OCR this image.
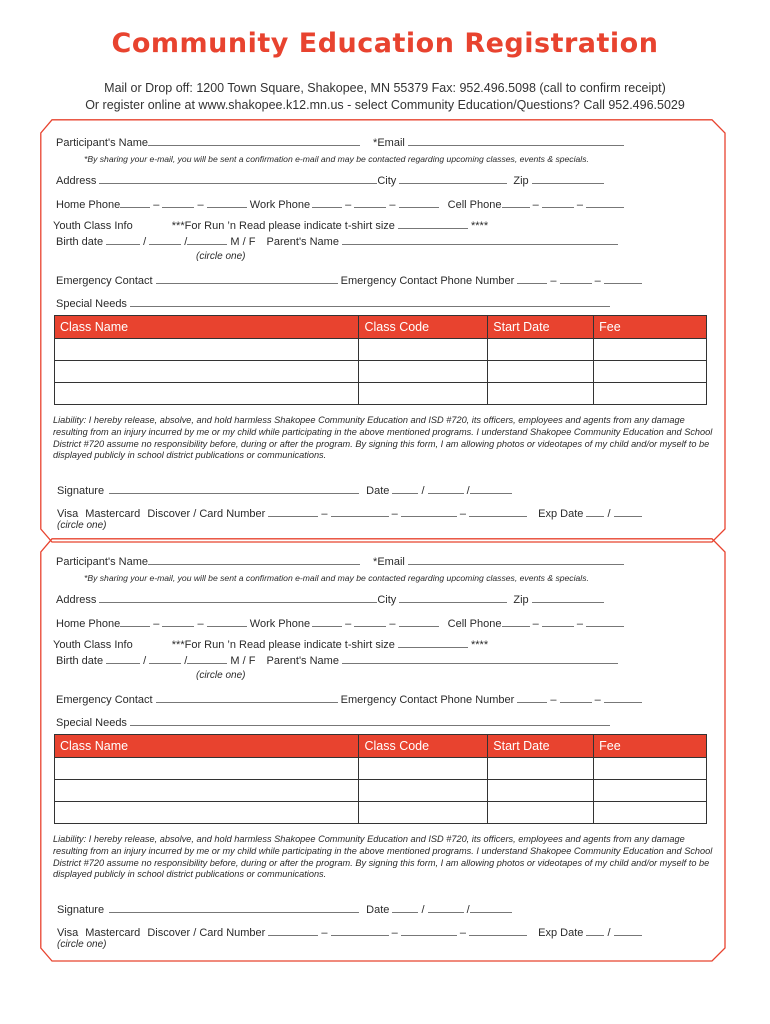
Community Education Registration
Mail or Drop off: 1200 Town Square, Shakopee, MN 55379 Fax: 952.496.5098 (call to confirm receipt)
Or register online at www.shakopee.k12.mn.us - select Community Education/Questions? Call 952.496.5029
Participant's Name	*Email
*By sharing your e-mail, you will be sent a confirmation e-mail and may be contacted regarding upcoming classes, events & specials.
Address	City	Zip
Home Phone	–	–	Work Phone	–	–	Cell Phone	–	–
Youth Class Info	***For Run ’n Read please indicate t-shirt size	****
Birth date	/	/	M / F Parent's Name
(circle one)
Emergency Contact	Emergency Contact Phone Number	–	–
Special Needs
Class Name	Class Code	Start Date	Fee

Liability: I hereby release, absolve, and hold harmless Shakopee Community Education and ISD #720, its officers, employees and agents from any damage resulting from an injury incurred by me or my child while participating in the above mentioned programs. I understand Shakopee Community Education and School District #720 assume no responsibility before, during or after the program. By signing this form, I am allowing photos or videotapes of my child and/or myself to be displayed publicly in school district publications or communications.
Signature	Date	/	/
Visa Mastercard Discover / Card Number	–	–	–	Exp Date /
(circle one)
Participant's Name	*Email
*By sharing your e-mail, you will be sent a confirmation e-mail and may be contacted regarding upcoming classes, events & specials.
Address	City	Zip
Home Phone	–	–	Work Phone	–	–	Cell Phone	–	–
Youth Class Info	***For Run ’n Read please indicate t-shirt size	****
Birth date	/	/	M / F Parent's Name
(circle one)
Emergency Contact	Emergency Contact Phone Number	–	–
Special Needs
Class Name	Class Code	Start Date	Fee

Liability: I hereby release, absolve, and hold harmless Shakopee Community Education and ISD #720, its officers, employees and agents from any damage resulting from an injury incurred by me or my child while participating in the above mentioned programs. I understand Shakopee Community Education and School District #720 assume no responsibility before, during or after the program. By signing this form, I am allowing photos or videotapes of my child and/or myself to be displayed publicly in school district publications or communications.
Signature	Date	/	/
Visa Mastercard Discover / Card Number	–	–	–	Exp Date /
(circle one)
